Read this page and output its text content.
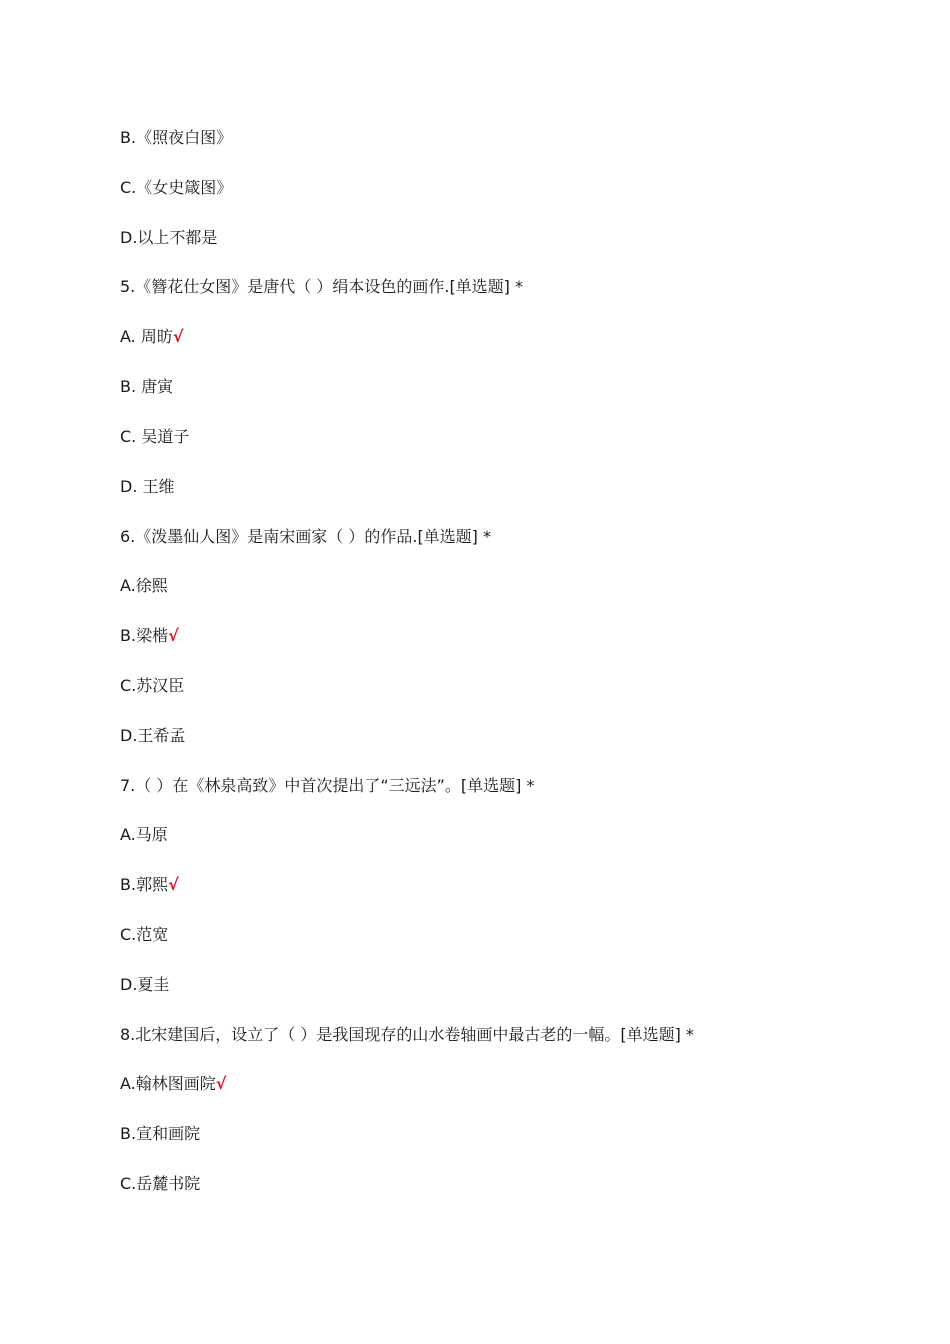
B.《照夜白图》
C.《女史箴图》
D.以上不都是
5.《簪花仕女图》是唐代（ ）绢本设色的画作.[单选题] *
A. 周昉√
B. 唐寅
C. 吴道子
D. 王维
6.《泼墨仙人图》是南宋画家（ ）的作品.[单选题] *
A.徐熙
B.梁楷√
C.苏汉臣
D.王希孟
7.（ ）在《林泉高致》中首次提出了“三远法”。[单选题] *
A.马原
B.郭熙√
C.范宽
D.夏圭
8.北宋建国后，设立了（ ）是我国现存的山水卷轴画中最古老的一幅。[单选题] *
A.翰林图画院√
B.宣和画院
C.岳麓书院
